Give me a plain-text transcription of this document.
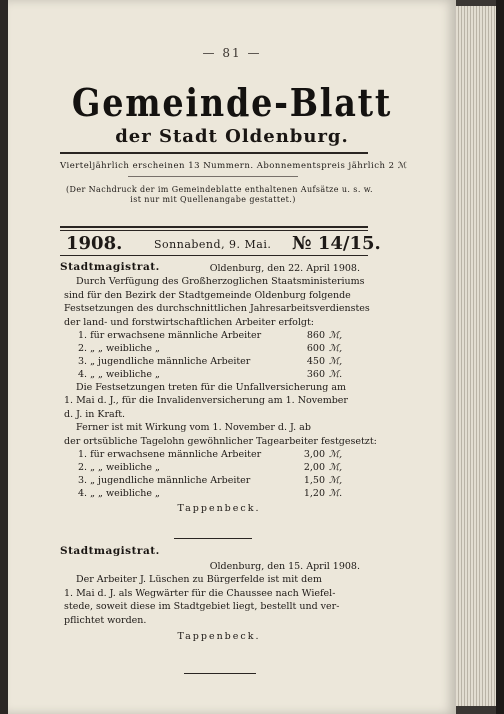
— 81 —
Gemeinde-Blatt
der Stadt Oldenburg.
Vierteljährlich erscheinen 13 Nummern. Abonnementspreis jährlich 2 ℳ
(Der Nachdruck der im Gemeindeblatte enthaltenen Aufsätze u. s. w.
ist nur mit Quellenangabe gestattet.)
1908.	Sonnabend, 9. Mai. № 14/15.
Stadtmagistrat.	Oldenburg, den 22. April 1908.
Durch Verfügung des Großherzoglichen Staatsministeriums
sind für den Bezirk der Stadtgemeinde Oldenburg folgende
Festsetzungen des durchschnittlichen Jahresarbeitsverdienstes
der land- und forstwirtschaftlichen Arbeiter erfolgt:
1. für erwachsene männliche Arbeiter	860 ℳ,
2. „ „ weibliche „	600 ℳ,
3. „ jugendliche männliche Arbeiter	450 ℳ,
4. „ „ weibliche „	360 ℳ.
Die Festsetzungen treten für die Unfallversicherung am
1. Mai d. J., für die Invalidenversicherung am 1. November
d. J. in Kraft.
Ferner ist mit Wirkung vom 1. November d. J. ab
der ortsübliche Tagelohn gewöhnlicher Tagearbeiter festgesetzt:
1. für erwachsene männliche Arbeiter	3,00 ℳ,
2. „ „ weibliche „	2,00 ℳ,
3. „ jugendliche männliche Arbeiter	1,50 ℳ,
4. „ „ weibliche „	1,20 ℳ.
Tappenbeck.
Stadtmagistrat.
Oldenburg, den 15. April 1908.
Der Arbeiter J. Lüschen zu Bürgerfelde ist mit dem
1. Mai d. J. als Wegwärter für die Chaussee nach Wiefel-
stede, soweit diese im Stadtgebiet liegt, bestellt und ver-
pflichtet worden.
Tappenbeck.
